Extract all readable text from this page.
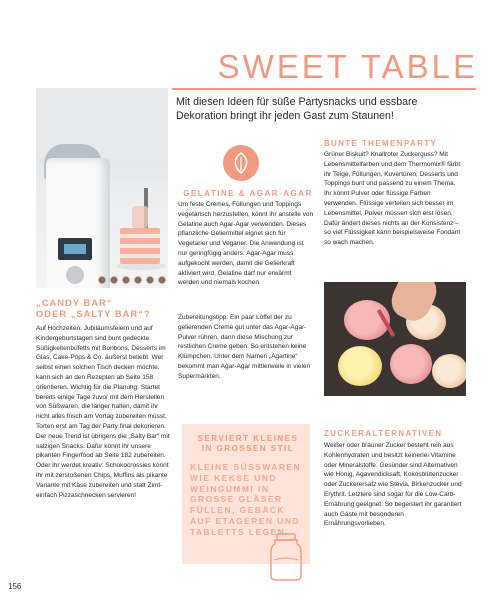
SWEET TABLE

Mit diesen Ideen für süße Partysnacks und essbare Dekoration bringt ihr jeden Gast zum Staunen!

„CANDY BAR“
ODER „SALTY BAR“?

Auf Hochzeiten, Jubiläumsfeiern und auf Kindergeburtstagen sind bunt gedeckte Süßigkeitenbüfetts mit Bonbons, Desserts im Glas, Cake-Pops & Co. äußerst beliebt. Wer selbst einen solchen Tisch decken möchte, kann sich an den Rezepten ab Seite 158 orientieren. Wichtig für die Planung: Startet bereits einige Tage zuvor mit dem Herstellen von Süßwaren, die länger halten, damit ihr nicht alles frisch am Vortag zubereiten müsst. Torten erst am Tag der Party final dekorieren. Der neue Trend ist übrigens die „Salty Bar“ mit salzigen Snacks. Dafür könnt ihr unsere pikanten Fingerfood ab Seite 182 zubereiten. Oder ihr werdet kreativ: Schokocrossies könnt ihr mit zerstoßenen Chips, Muffins als pikante Variante mit Käse zubereiten und statt Zimt- einfach Pizzaschnecken servieren!

156
GELATINE & AGAR-AGAR

Um feste Cremes, Füllungen und Toppings vegetarisch herzustellen, könnt ihr anstelle von Gelatine auch Agar-Agar verwenden. Dieses pflanzliche Geliermittel eignet sich für Vegetarier und Veganer. Die Anwendung ist nur geringfügig anders: Agar-Agar muss aufgekocht werden, damit die Gelierkraft aktiviert wird, Gelatine darf nur erwärmt werden und niemals kochen.

Zubereitungstipp: Ein paar Löffel der zu gelierenden Creme gut unter das Agar-Agar-Pulver rühren, dann diese Mischung zur restlichen Creme geben. So entstehen keine Klümpchen. Unter dem Namen „Agartine“ bekommt man Agar-Agar mittlerweile in vielen Supermärkten.

SERVIERT KLEINES
IN GROSSEN STIL

KLEINE SÜSSWAREN WIE KEKSE UND WEINGUMMI IN GROSSE GLÄSER FÜLLEN, GEBÄCK AUF ETAGEREN UND TABLETTS LEGEN.

BUNTE THEMENPARTY

Grüner Biskuit? Knallroter Zuckerguss? Mit Lebensmittelfarben und dem Thermomix® färbt ihr Teige, Füllungen, Kuvertüren, Desserts und Toppings bunt und passend zu einem Thema. Ihr könnt Pulver oder flüssige Farben verwenden. Flüssige verteilen sich besser im Lebensmittel, Pulver müssen sich erst lösen. Dafür ändert dieses nichts an der Konsistenz – so viel Flüssigkeit kann beispielsweise Fondant so wach machen.

ZUCKERALTERNATIVEN

Weißer oder brauner Zucker besteht rein aus Kohlenhydraten und besitzt keinerlei Vitamine oder Mineralstoffe. Gesünder sind Alternativen wie Honig, Agavendicksaft, Kokosblütenzucker oder Zuckerersatz wie Stevia, Birkenzucker und Erythrit. Letztere sind sogar für die Low-Carb-Ernährung geeignet. So begeistert ihr garantiert auch Gäste mit besonderen Ernährungsvorlieben.
